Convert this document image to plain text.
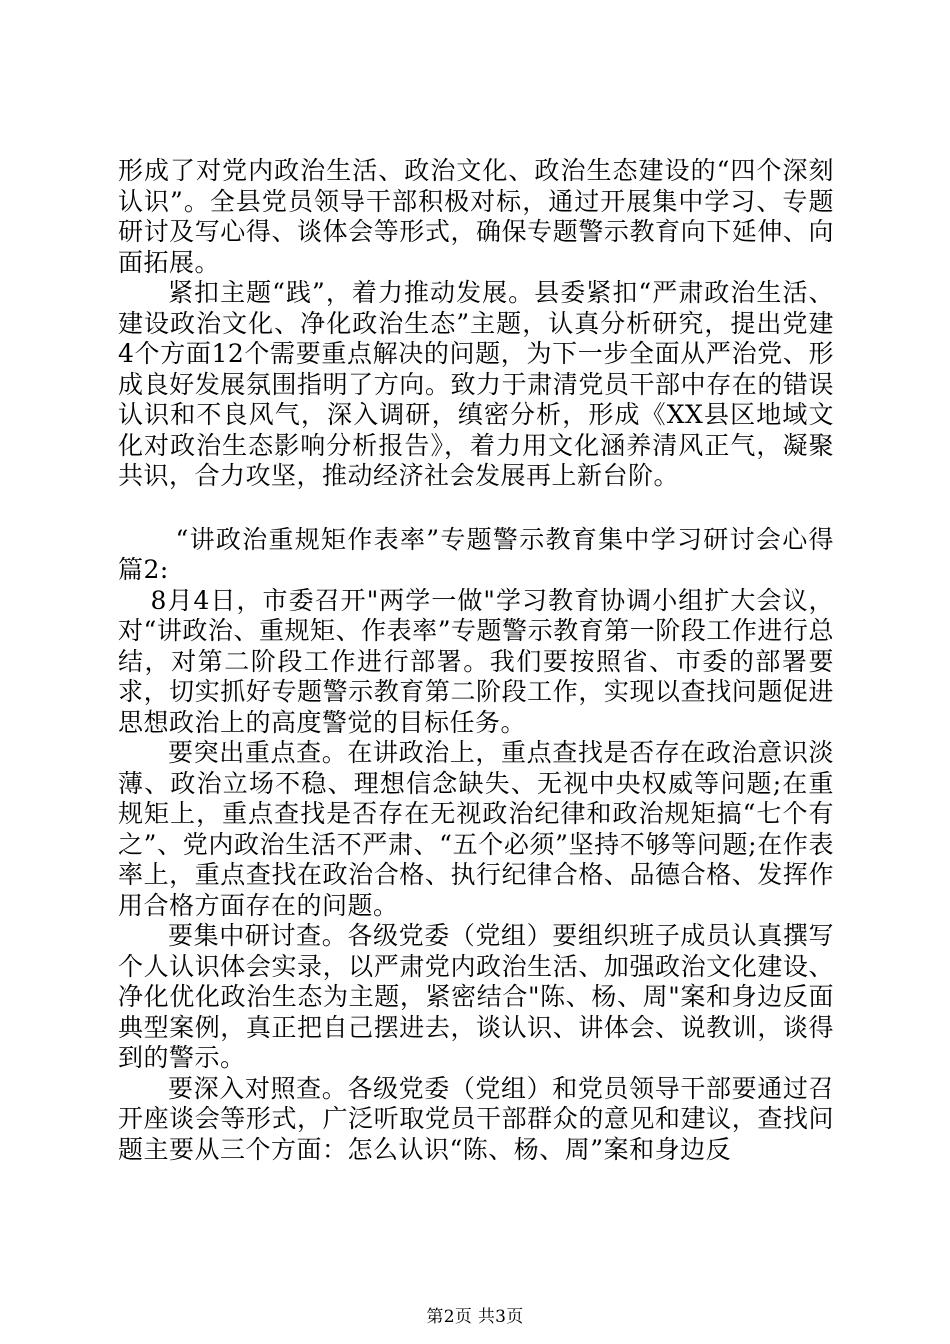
形成了对党内政治生活、政治文化、政治生态建设的“四个深刻认识”。全县党员领导干部积极对标，通过开展集中学习、专题研讨及写心得、谈体会等形式，确保专题警示教育向下延伸、向面拓展。

紧扣主题“践”，着力推动发展。县委紧扣“严肃政治生活、建设政治文化、净化政治生态”主题，认真分析研究，提出党建4个方面12个需要重点解决的问题，为下一步全面从严治党、形成良好发展氛围指明了方向。致力于肃清党员干部中存在的错误认识和不良风气，深入调研，缜密分析，形成《XX县区地域文化对政治生态影响分析报告》，着力用文化涵养清风正气，凝聚共识，合力攻坚，推动经济社会发展再上新台阶。

“讲政治重规矩作表率”专题警示教育集中学习研讨会心得篇2:

8月4日，市委召开"两学一做"学习教育协调小组扩大会议，对“讲政治、重规矩、作表率”专题警示教育第一阶段工作进行总结，对第二阶段工作进行部署。我们要按照省、市委的部署要求，切实抓好专题警示教育第二阶段工作，实现以查找问题促进思想政治上的高度警觉的目标任务。

要突出重点查。在讲政治上，重点查找是否存在政治意识淡薄、政治立场不稳、理想信念缺失、无视中央权威等问题;在重规矩上，重点查找是否存在无视政治纪律和政治规矩搞“七个有之”、党内政治生活不严肃、“五个必须”坚持不够等问题;在作表率上，重点查找在政治合格、执行纪律合格、品德合格、发挥作用合格方面存在的问题。

要集中研讨查。各级党委（党组）要组织班子成员认真撰写个人认识体会实录，以严肃党内政治生活、加强政治文化建设、净化优化政治生态为主题，紧密结合"陈、杨、周"案和身边反面典型案例，真正把自己摆进去，谈认识、讲体会、说教训，谈得到的警示。

要深入对照查。各级党委（党组）和党员领导干部要通过召开座谈会等形式，广泛听取党员干部群众的意见和建议，查找问题主要从三个方面：怎么认识“陈、杨、周”案和身边反

第2页 共3页
